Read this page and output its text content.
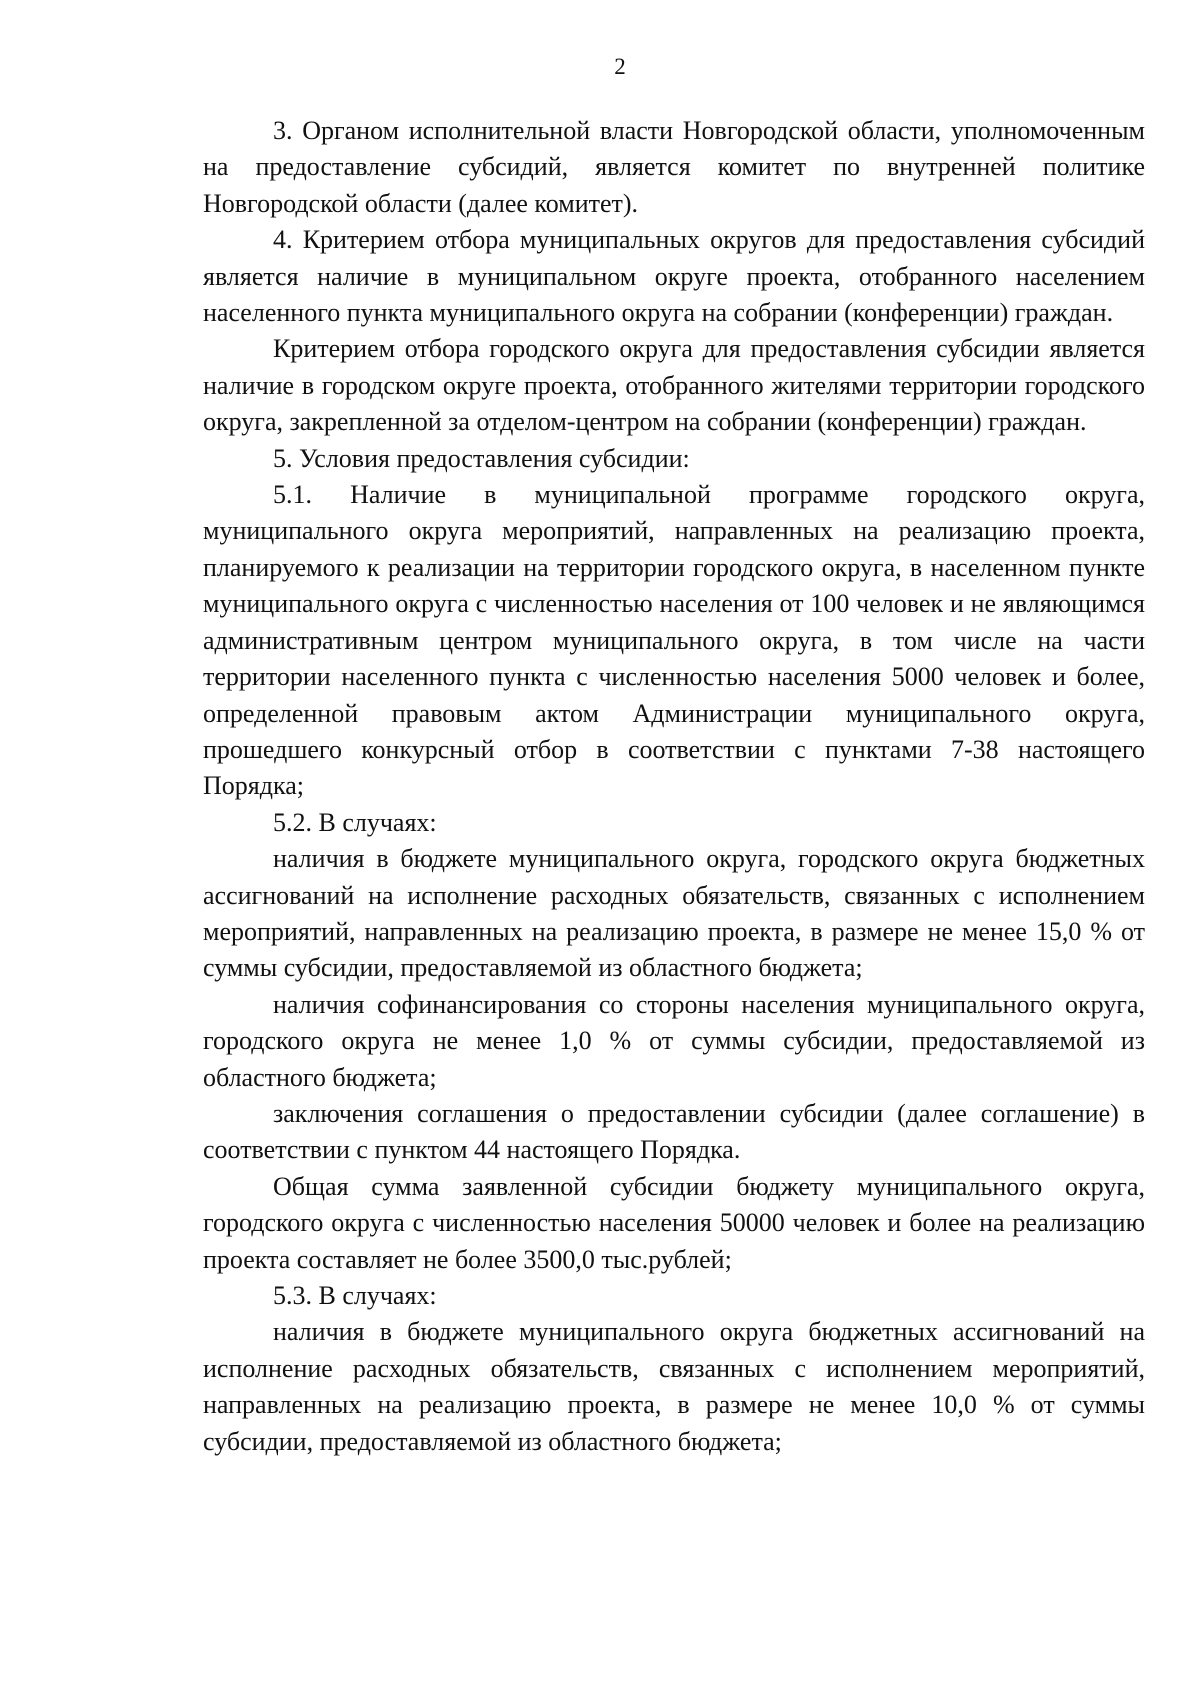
2

3. Органом исполнительной власти Новгородской области, уполномоченным на предоставление субсидий, является комитет по внутренней политике Новгородской области (далее комитет).

4. Критерием отбора муниципальных округов для предоставления субсидий является наличие в муниципальном округе проекта, отобранного населением населенного пункта муниципального округа на собрании (конференции) граждан.

Критерием отбора городского округа для предоставления субсидии является наличие в городском округе проекта, отобранного жителями территории городского округа, закрепленной за отделом-центром на собрании (конференции) граждан.

5. Условия предоставления субсидии:

5.1. Наличие в муниципальной программе городского округа, муниципального округа мероприятий, направленных на реализацию проекта, планируемого к реализации на территории городского округа, в населенном пункте муниципального округа с численностью населения от 100 человек и не являющимся административным центром муниципального округа, в том числе на части территории населенного пункта с численностью населения 5000 человек и более, определенной правовым актом Администрации муниципального округа, прошедшего конкурсный отбор в соответствии с пунктами 7-38 настоящего Порядка;

5.2. В случаях:

наличия в бюджете муниципального округа, городского округа бюджетных ассигнований на исполнение расходных обязательств, связанных с исполнением мероприятий, направленных на реализацию проекта, в размере не менее 15,0 % от суммы субсидии, предоставляемой из областного бюджета;

наличия софинансирования со стороны населения муниципального округа, городского округа не менее 1,0 % от суммы субсидии, предоставляемой из областного бюджета;

заключения соглашения о предоставлении субсидии (далее соглашение) в соответствии с пунктом 44 настоящего Порядка.

Общая сумма заявленной субсидии бюджету муниципального округа, городского округа с численностью населения 50000 человек и более на реализацию проекта составляет не более 3500,0 тыс.рублей;

5.3. В случаях:

наличия в бюджете муниципального округа бюджетных ассигнований на исполнение расходных обязательств, связанных с исполнением мероприятий, направленных на реализацию проекта, в размере не менее 10,0 % от суммы субсидии, предоставляемой из областного бюджета;
